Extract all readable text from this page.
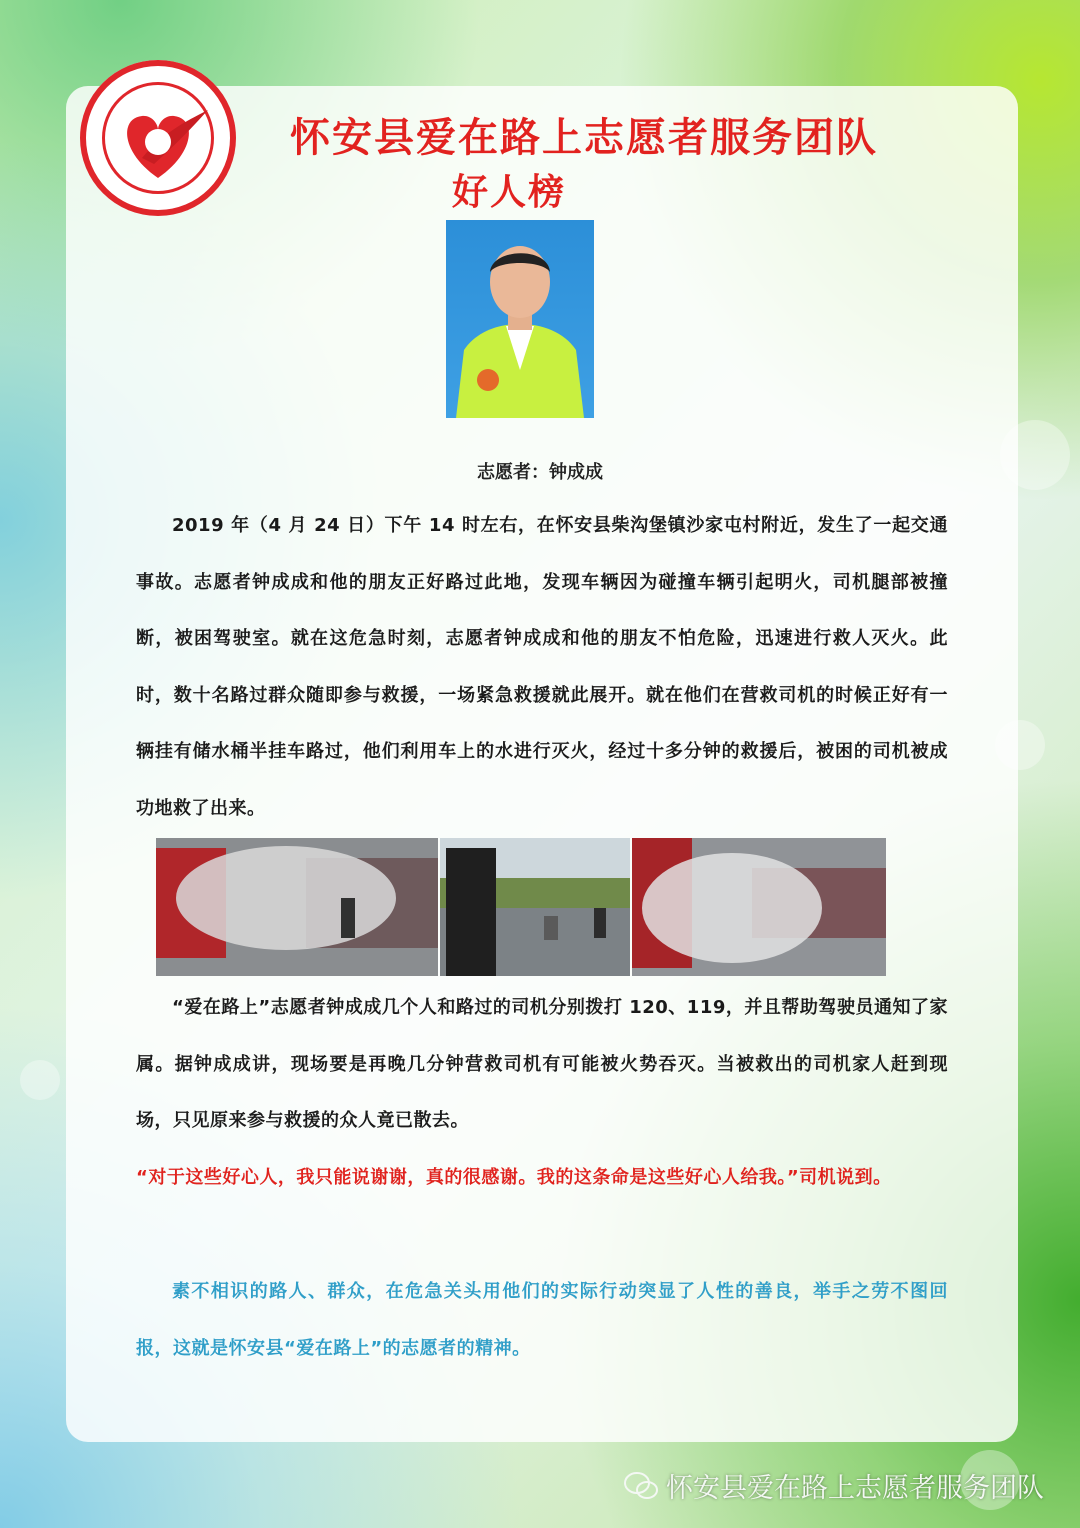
怀安县爱在路上志愿者服务团队
好人榜
志愿者：钟成成

2019 年（4 月 24 日）下午 14 时左右，在怀安县柴沟堡镇沙家屯村附近，发生了一起交通事故。志愿者钟成成和他的朋友正好路过此地，发现车辆因为碰撞车辆引起明火，司机腿部被撞断，被困驾驶室。就在这危急时刻，志愿者钟成成和他的朋友不怕危险，迅速进行救人灭火。此时，数十名路过群众随即参与救援，一场紧急救援就此展开。就在他们在营救司机的时候正好有一辆挂有储水桶半挂车路过，他们利用车上的水进行灭火，经过十多分钟的救援后，被困的司机被成功地救了出来。

“爱在路上”志愿者钟成成几个人和路过的司机分别拨打 120、119，并且帮助驾驶员通知了家属。据钟成成讲，现场要是再晚几分钟营救司机有可能被火势吞灭。当被救出的司机家人赶到现场，只见原来参与救援的众人竟已散去。

“对于这些好心人，我只能说谢谢，真的很感谢。我的这条命是这些好心人给我。”司机说到。

素不相识的路人、群众，在危急关头用他们的实际行动突显了人性的善良，举手之劳不图回报，这就是怀安县“爱在路上”的志愿者的精神。

怀安县爱在路上志愿者服务团队
